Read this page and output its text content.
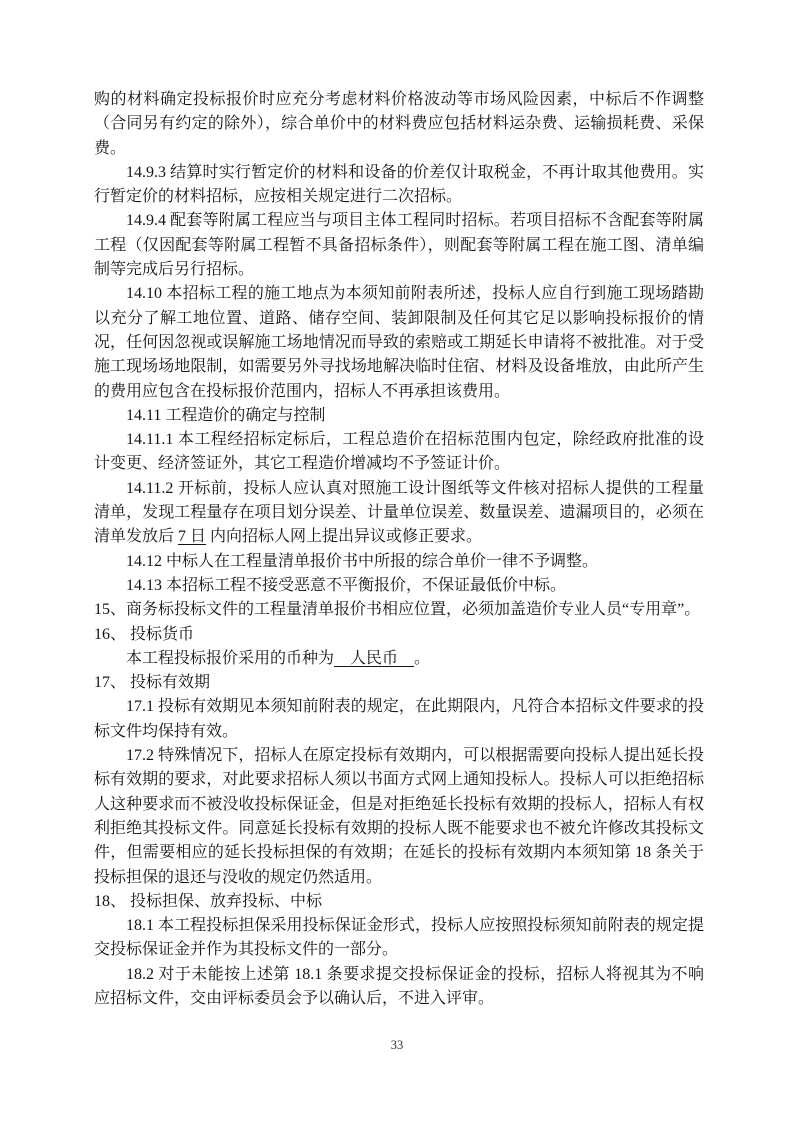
购的材料确定投标报价时应充分考虑材料价格波动等市场风险因素，中标后不作调整（合同另有约定的除外），综合单价中的材料费应包括材料运杂费、运输损耗费、采保费。

14.9.3 结算时实行暂定价的材料和设备的价差仅计取税金，不再计取其他费用。实行暂定价的材料招标，应按相关规定进行二次招标。

14.9.4 配套等附属工程应当与项目主体工程同时招标。若项目招标不含配套等附属工程（仅因配套等附属工程暂不具备招标条件），则配套等附属工程在施工图、清单编制等完成后另行招标。

14.10 本招标工程的施工地点为本须知前附表所述，投标人应自行到施工现场踏勘以充分了解工地位置、道路、储存空间、装卸限制及任何其它足以影响投标报价的情况，任何因忽视或误解施工场地情况而导致的索赔或工期延长申请将不被批准。对于受施工现场场地限制，如需要另外寻找场地解决临时住宿、材料及设备堆放，由此所产生的费用应包含在投标报价范围内，招标人不再承担该费用。

14.11 工程造价的确定与控制

14.11.1 本工程经招标定标后，工程总造价在招标范围内包定，除经政府批准的设计变更、经济签证外，其它工程造价增减均不予签证计价。

14.11.2 开标前，投标人应认真对照施工设计图纸等文件核对招标人提供的工程量清单，发现工程量存在项目划分误差、计量单位误差、数量误差、遗漏项目的，必须在清单发放后 7 日 内向招标人网上提出异议或修正要求。

14.12 中标人在工程量清单报价书中所报的综合单价一律不予调整。

14.13 本招标工程不接受恶意不平衡报价，不保证最低价中标。

15、商务标投标文件的工程量清单报价书相应位置，必须加盖造价专业人员“专用章”。

16、 投标货币

本工程投标报价采用的币种为　人民币　。

17、 投标有效期

17.1 投标有效期见本须知前附表的规定，在此期限内，凡符合本招标文件要求的投标文件均保持有效。

17.2 特殊情况下，招标人在原定投标有效期内，可以根据需要向投标人提出延长投标有效期的要求，对此要求招标人须以书面方式网上通知投标人。投标人可以拒绝招标人这种要求而不被没收投标保证金，但是对拒绝延长投标有效期的投标人，招标人有权利拒绝其投标文件。同意延长投标有效期的投标人既不能要求也不被允许修改其投标文件，但需要相应的延长投标担保的有效期；在延长的投标有效期内本须知第 18 条关于投标担保的退还与没收的规定仍然适用。

18、 投标担保、放弃投标、中标

18.1 本工程投标担保采用投标保证金形式，投标人应按照投标须知前附表的规定提交投标保证金并作为其投标文件的一部分。

18.2 对于未能按上述第 18.1 条要求提交投标保证金的投标，招标人将视其为不响应招标文件，交由评标委员会予以确认后，不进入评审。

33
